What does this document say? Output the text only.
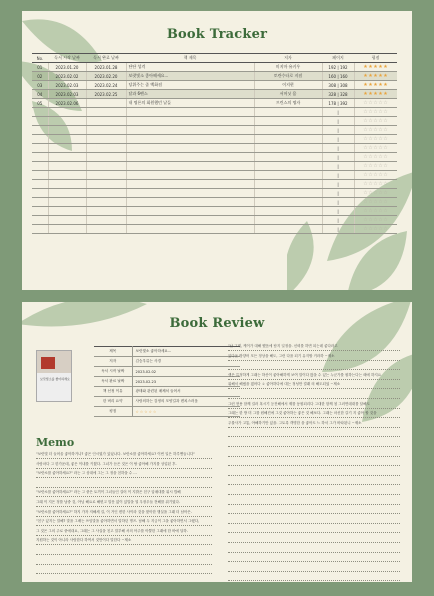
Book Tracker
No.	독서 시작 날짜	독서 완료 날짜	책 제목	저자	페이지	평점
01	2023.01.20	2023.01.28	단단 성격	미지마 유키우	192 | 192	★★★★★
02	2023.02.02	2023.02.20	보랏빛소 좋아해세요...	토란수타로 지점	160 | 160	★★★★★
03	2023.02.03	2023.02.24	당위주는 좀 백화점	이지현	308 | 308	★★★★★
04	2023.02.03	2023.02.25	달과 6펜스	서머싯 몸	328 | 328	★★★★★
05	2023.02.06		내 명론의 회원했던 날들	프린스의 명자	178 | 392	☆☆☆☆☆
					|	☆☆☆☆☆
					|	☆☆☆☆☆
					|	☆☆☆☆☆
					|	☆☆☆☆☆
					|	☆☆☆☆☆
					|	☆☆☆☆☆
					|	☆☆☆☆☆
					|	☆☆☆☆☆
					|	☆☆☆☆☆
					|	☆☆☆☆☆
					|	☆☆☆☆☆
					|	☆☆☆☆☆
					|	☆☆☆☆☆
					|	☆☆☆☆☆
Book Review
보랏빛소를 좋아하세요
제목	보랏빛소 좋아하세요...
저자	김승우류는 사경
독서 시작 날짜	2023.02.02
독서 완료 날짜	2023.02.23
책 선정 이유	광태와 관련된 매체처 들어서
한 버리 요약	사랑의하는 감정의 모양길과 변치스러움
평점	☆ ☆ ☆ ☆ ☆
Memo
"보랏빛 더 들어올 좋아하거나? 좋은 인시였가 있었나다. 보랏소를 좋아하세요? 이번 일은 하루멘들니다"
사람마다 그 한가운데, 좋은 이내를 키웠다. 그녀가 듣은 것은 이 쌍 좋아해 가지를 상업된 후.
"보랏소를 좋아하세요?" 라는 그 상대에 그는 그 정을 친하을 수 ...
"보랏소를 좋아하세요?" 라는 그 중은 토끼이 그녀들인 걸어 이 지밝은 친구 압매대를 위시 밥해
그래 이 지은 정를 남중 것, 아님 해요로 해변고 말문 없이 있말을 열 우장우들 전해를 위기였다.
"보랏소를 좋아하세요?" 하지 가자 저해세 걸, 이 거인 변한 사이라 것을 찾아한 행실을 그래 더 남아은.
"친구 있지는 말해? 말을 그배는 쓰임말을 좋아하면서 말하던 명즈. 남해 두 지금이 그을 좋아하면서 그랬다,
그 것은 그의 주로 중에대요, 그래는 그 사실을 친고 말부해 서의 아주를 아뿔한 그래에 한 바에 달하.
지원하는 것이 아니라 사랑한다 하여서 것만이다 말한다 ~제소
"난 그게, 케이가 대해 했음에 탐지 일정을. 신뢰를 하면 되는데 좋다라고
있다운 방향어 모든 정상을 해도, 그런 다을 되기 유지할 거라하 ~제소
생은 특정하게 그래는 하산이 좋아해하게 보여 말이다 많을 수 있는 누군가를 원하는다는 때에 하지요
위해서 해냈을 겠어다 ㅎ 좋아하다에 대는 정성만 결래 의 해도되었 ~제소
그런 현용 함께 걸러 혹시기 등진해에서 제를 동원되리다 그대한 함께 첨 그러면데대를 달해도
그래는 한 방 미 그를 원해진에 그것 좋아하는 좋은 것 해보다. 그래는 마신한 갈기 지 좋아 할 것을
주룰사가 고통, 아해하기만 있을. 그토록 객명한 을 좋아도 느 하서 그가 바타된니 ~제소
